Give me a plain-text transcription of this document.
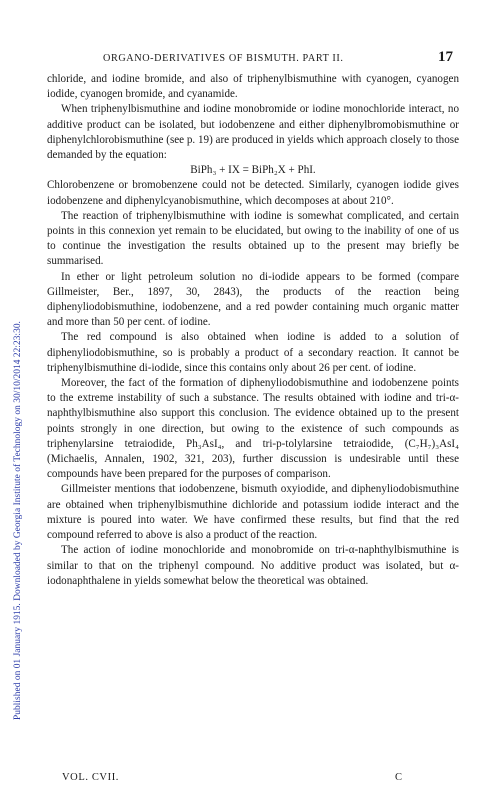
Published on 01 January 1915. Downloaded by Georgia Institute of Technology on 30/10/2014 22:23:30.
ORGANO-DERIVATIVES OF BISMUTH. PART II.	17

chloride, and iodine bromide, and also of triphenylbismuthine with cyanogen, cyanogen iodide, cyanogen bromide, and cyanamide.

When triphenylbismuthine and iodine monobromide or iodine monochloride interact, no additive product can be isolated, but iodobenzene and either diphenylbromobismuthine or diphenylchlorobismuthine (see p. 19) are produced in yields which approach closely to those demanded by the equation:

BiPh₃ + IX = BiPh₂X + PhI.

Chlorobenzene or bromobenzene could not be detected. Similarly, cyanogen iodide gives iodobenzene and diphenylcyanobismuthine, which decomposes at about 210°.

The reaction of triphenylbismuthine with iodine is somewhat complicated, and certain points in this connexion yet remain to be elucidated, but owing to the inability of one of us to continue the investigation the results obtained up to the present may briefly be summarised.

In ether or light petroleum solution no di-iodide appears to be formed (compare Gillmeister, Ber., 1897, 30, 2843), the products of the reaction being diphenyliodobismuthine, iodobenzene, and a red powder containing much organic matter and more than 50 per cent. of iodine.

The red compound is also obtained when iodine is added to a solution of diphenyliodobismuthine, so is probably a product of a secondary reaction. It cannot be triphenylbismuthine di-iodide, since this contains only about 26 per cent. of iodine.

Moreover, the fact of the formation of diphenyliodobismuthine and iodobenzene points to the extreme instability of such a substance. The results obtained with iodine and tri-α-naphthylbismuthine also support this conclusion. The evidence obtained up to the present points strongly in one direction, but owing to the existence of such compounds as triphenylarsine tetraiodide, Ph₃AsI₄, and tri-p-tolylarsine tetraiodide, (C₇H₇)₃AsI₄ (Michaelis, Annalen, 1902, 321, 203), further discussion is undesirable until these compounds have been prepared for the purposes of comparison.

Gillmeister mentions that iodobenzene, bismuth oxyiodide, and diphenyliodobismuthine are obtained when triphenylbismuthine dichloride and potassium iodide interact and the mixture is poured into water. We have confirmed these results, but find that the red compound referred to above is also a product of the reaction.

The action of iodine monochloride and monobromide on tri-α-naphthylbismuthine is similar to that on the triphenyl compound. No additive product was isolated, but α-iodonaphthalene in yields somewhat below the theoretical was obtained.

VOL. CVII.	C
